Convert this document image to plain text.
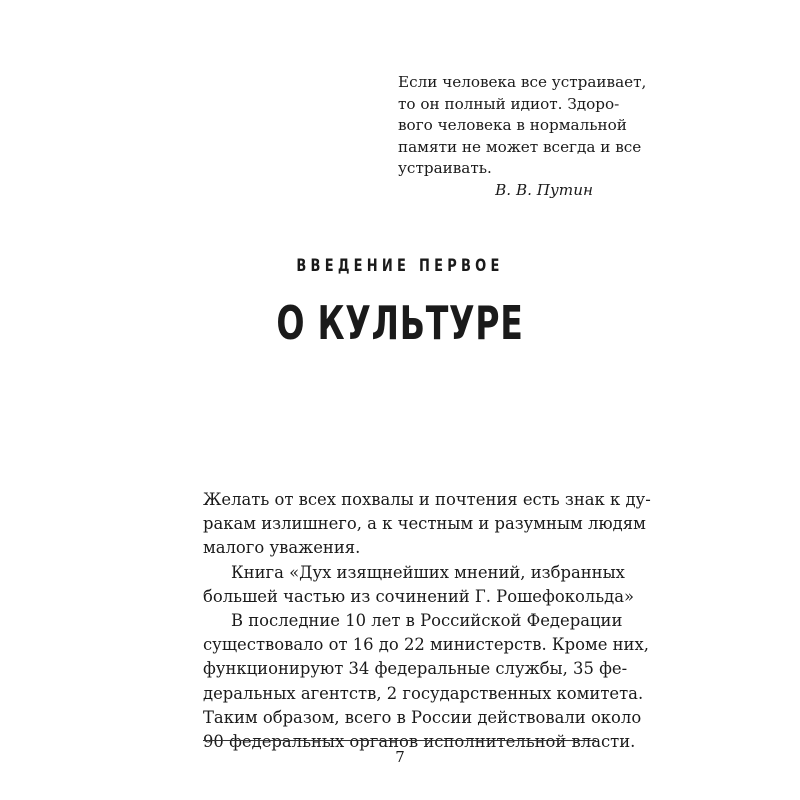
Если человека все устраивает,
то он полный идиот. Здоро-
вого человека в нормальной
памяти не может всегда и все
устраивать.
В. В. Путин
ВВЕДЕНИЕ ПЕРВОЕ
О КУЛЬТУРЕ
Желать от всех похвалы и почтения есть знак к ду-
ракам излишнего, а к честным и разумным людям
малого уважения.
Книга «Дух изящнейших мнений, избранных
большей частью из сочинений Г. Рошефокольда»
В последние 10 лет в Российской Федерации
существовало от 16 до 22 министерств. Кроме них,
функционируют 34 федеральные службы, 35 фе-
деральных агентств, 2 государственных комитета.
Таким образом, всего в России действовали около
90 федеральных органов исполнительной власти.
7
